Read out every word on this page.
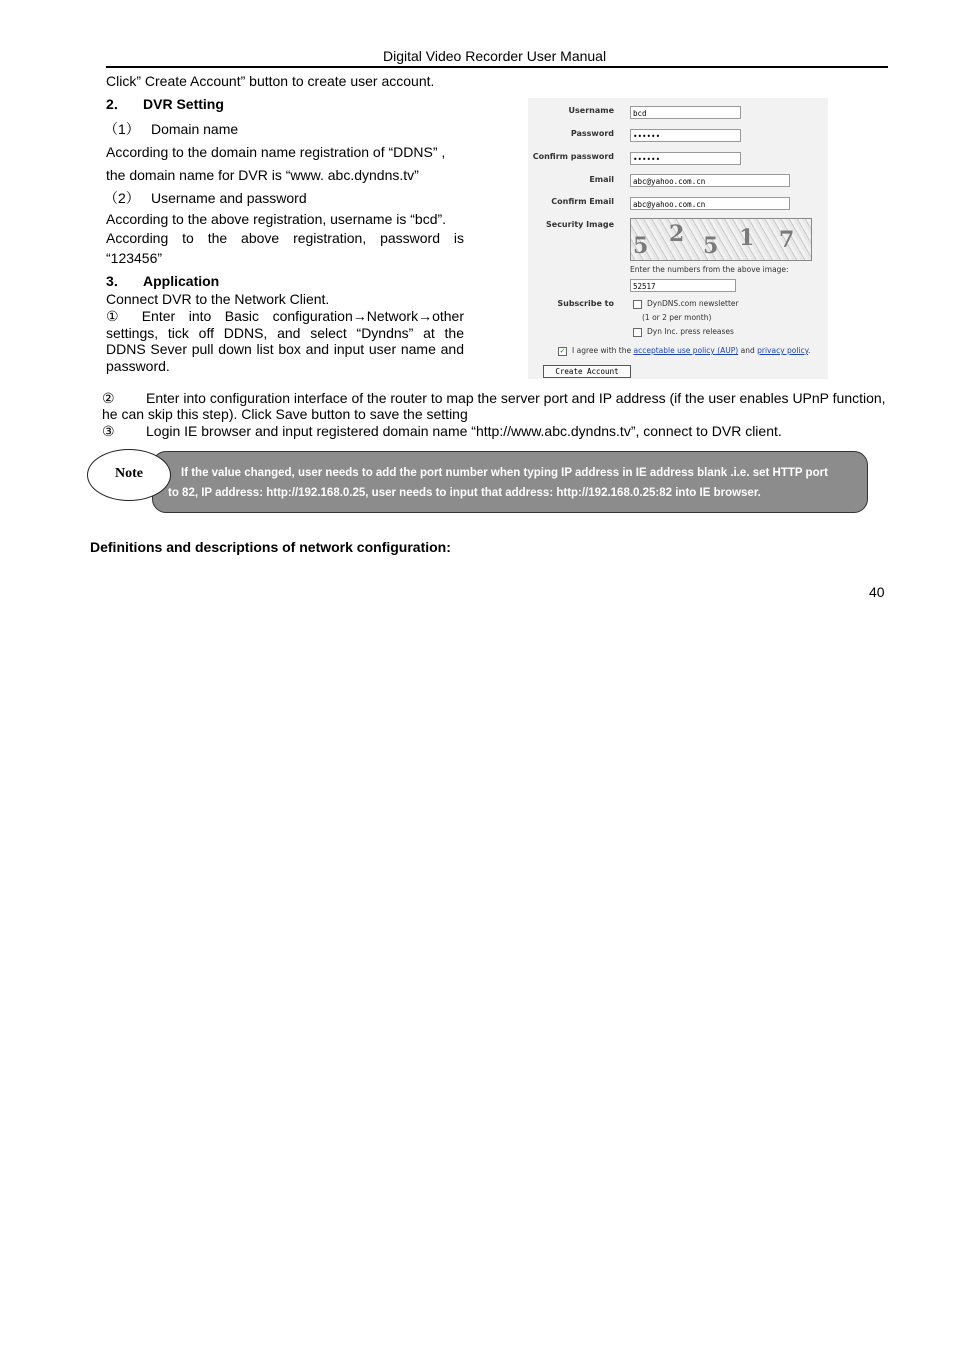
Digital Video Recorder User Manual
Click” Create Account” button to create user account.
2． DVR Setting
（1） Domain name
According to the domain name registration of “DDNS” ,
the domain name for DVR is “www. abc.dyndns.tv”
（2） Username and password
According to the above registration, username is “bcd”.
According to the above registration, password is
“123456”
3． Application
Connect DVR to the Network Client.
① Enter into Basic configuration→Network→other
settings, tick off DDNS, and select “Dyndns” at the
DDNS Sever pull down list box and input user name and
password.
Username	bcd
Password	••••••
Confirm password	••••••
Email	abc@yahoo.com.cn
Confirm Email	abc@yahoo.com.cn
Security Image
5 2 5 1 7
Enter the numbers from the above image:
52517
Subscribe to	DynDNS.com newsletter
(1 or 2 per month)
Dyn Inc. press releases
✓ I agree with the acceptable use policy (AUP) and privacy policy.
Create Account
② Enter into configuration interface of the router to map the server port and IP address (if the user enables UPnP function,
he can skip this step). Click Save button to save the setting
③ Login IE browser and input registered domain name “http://www.abc.dyndns.tv”, connect to DVR client.
If the value changed, user needs to add the port number when typing IP address in IE address blank .i.e. set HTTP port
to 82, IP address: http://192.168.0.25, user needs to input that address: http://192.168.0.25:82 into IE browser.
Note
Definitions and descriptions of network configuration:
40
